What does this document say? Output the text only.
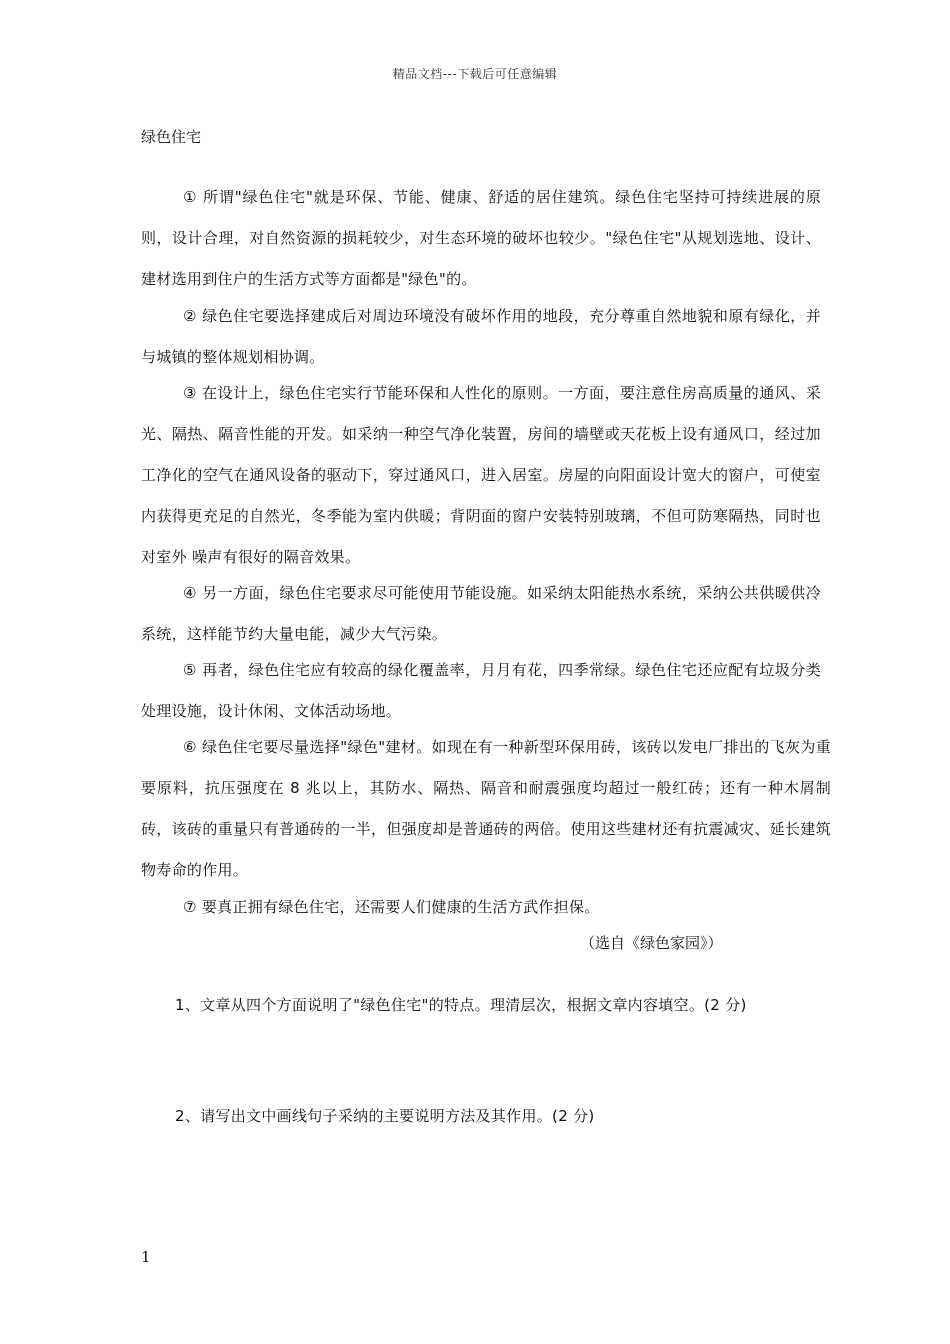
精品文档---下载后可任意编辑
绿色住宅

① 所谓"绿色住宅"就是环保、节能、健康、舒适的居住建筑。绿色住宅坚持可持续进展的原则，设计合理，对自然资源的损耗较少，对生态环境的破坏也较少。"绿色住宅"从规划选地、设计、建材选用到住户的生活方式等方面都是"绿色"的。

② 绿色住宅要选择建成后对周边环境没有破坏作用的地段，充分尊重自然地貌和原有绿化，并与城镇的整体规划相协调。

③ 在设计上，绿色住宅实行节能环保和人性化的原则。一方面，要注意住房高质量的通风、采光、隔热、隔音性能的开发。如采纳一种空气净化装置，房间的墙壁或天花板上设有通风口，经过加工净化的空气在通风设备的驱动下，穿过通风口，进入居室。房屋的向阳面设计宽大的窗户，可使室内获得更充足的自然光，冬季能为室内供暖；背阴面的窗户安装特别玻璃，不但可防寒隔热，同时也对室外 噪声有很好的隔音效果。

④ 另一方面，绿色住宅要求尽可能使用节能设施。如采纳太阳能热水系统，采纳公共供暖供冷系统，这样能节约大量电能，减少大气污染。

⑤ 再者，绿色住宅应有较高的绿化覆盖率，月月有花，四季常绿。绿色住宅还应配有垃圾分类处理设施，设计休闲、文体活动场地。

⑥ 绿色住宅要尽量选择"绿色"建材。如现在有一种新型环保用砖，该砖以发电厂排出的飞灰为重要原料，抗压强度在 8 兆以上，其防水、隔热、隔音和耐震强度均超过一般红砖；还有一种木屑制砖，该砖的重量只有普通砖的一半，但强度却是普通砖的两倍。使用这些建材还有抗震减灾、延长建筑物寿命的作用。

⑦ 要真正拥有绿色住宅，还需要人们健康的生活方武作担保。

（选自《绿色家园》）
1、文章从四个方面说明了"绿色住宅"的特点。理清层次，根据文章内容填空。(2 分)
2、请写出文中画线句子采纳的主要说明方法及其作用。(2 分)
1
